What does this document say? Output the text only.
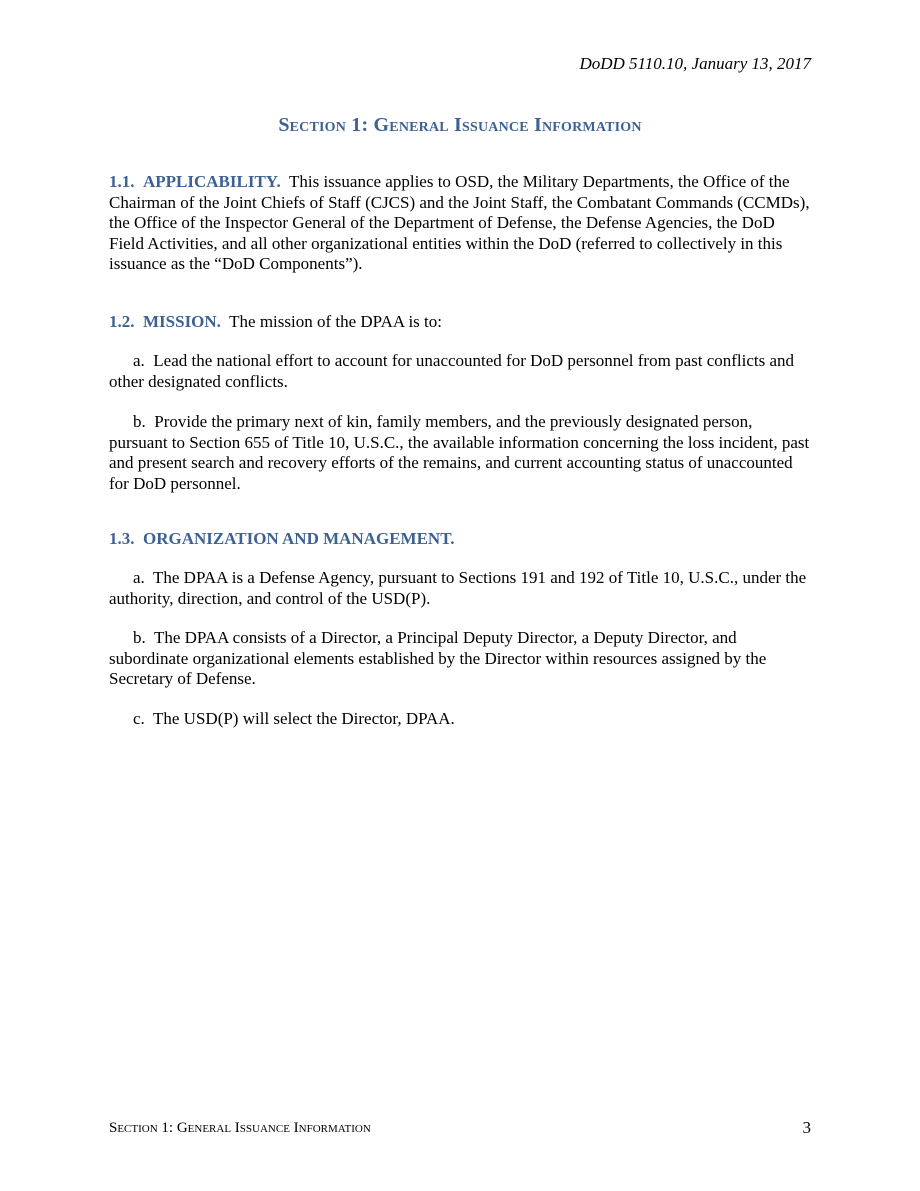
DoDD 5110.10, January 13, 2017
Section 1: General Issuance Information

1.1. APPLICABILITY. This issuance applies to OSD, the Military Departments, the Office of the Chairman of the Joint Chiefs of Staff (CJCS) and the Joint Staff, the Combatant Commands (CCMDs), the Office of the Inspector General of the Department of Defense, the Defense Agencies, the DoD Field Activities, and all other organizational entities within the DoD (referred to collectively in this issuance as the “DoD Components”).

1.2. MISSION. The mission of the DPAA is to:

a. Lead the national effort to account for unaccounted for DoD personnel from past conflicts and other designated conflicts.

b. Provide the primary next of kin, family members, and the previously designated person, pursuant to Section 655 of Title 10, U.S.C., the available information concerning the loss incident, past and present search and recovery efforts of the remains, and current accounting status of unaccounted for DoD personnel.

1.3. ORGANIZATION AND MANAGEMENT.

a. The DPAA is a Defense Agency, pursuant to Sections 191 and 192 of Title 10, U.S.C., under the authority, direction, and control of the USD(P).

b. The DPAA consists of a Director, a Principal Deputy Director, a Deputy Director, and subordinate organizational elements established by the Director within resources assigned by the Secretary of Defense.

c. The USD(P) will select the Director, DPAA.

Section 1: General Issuance Information	3
